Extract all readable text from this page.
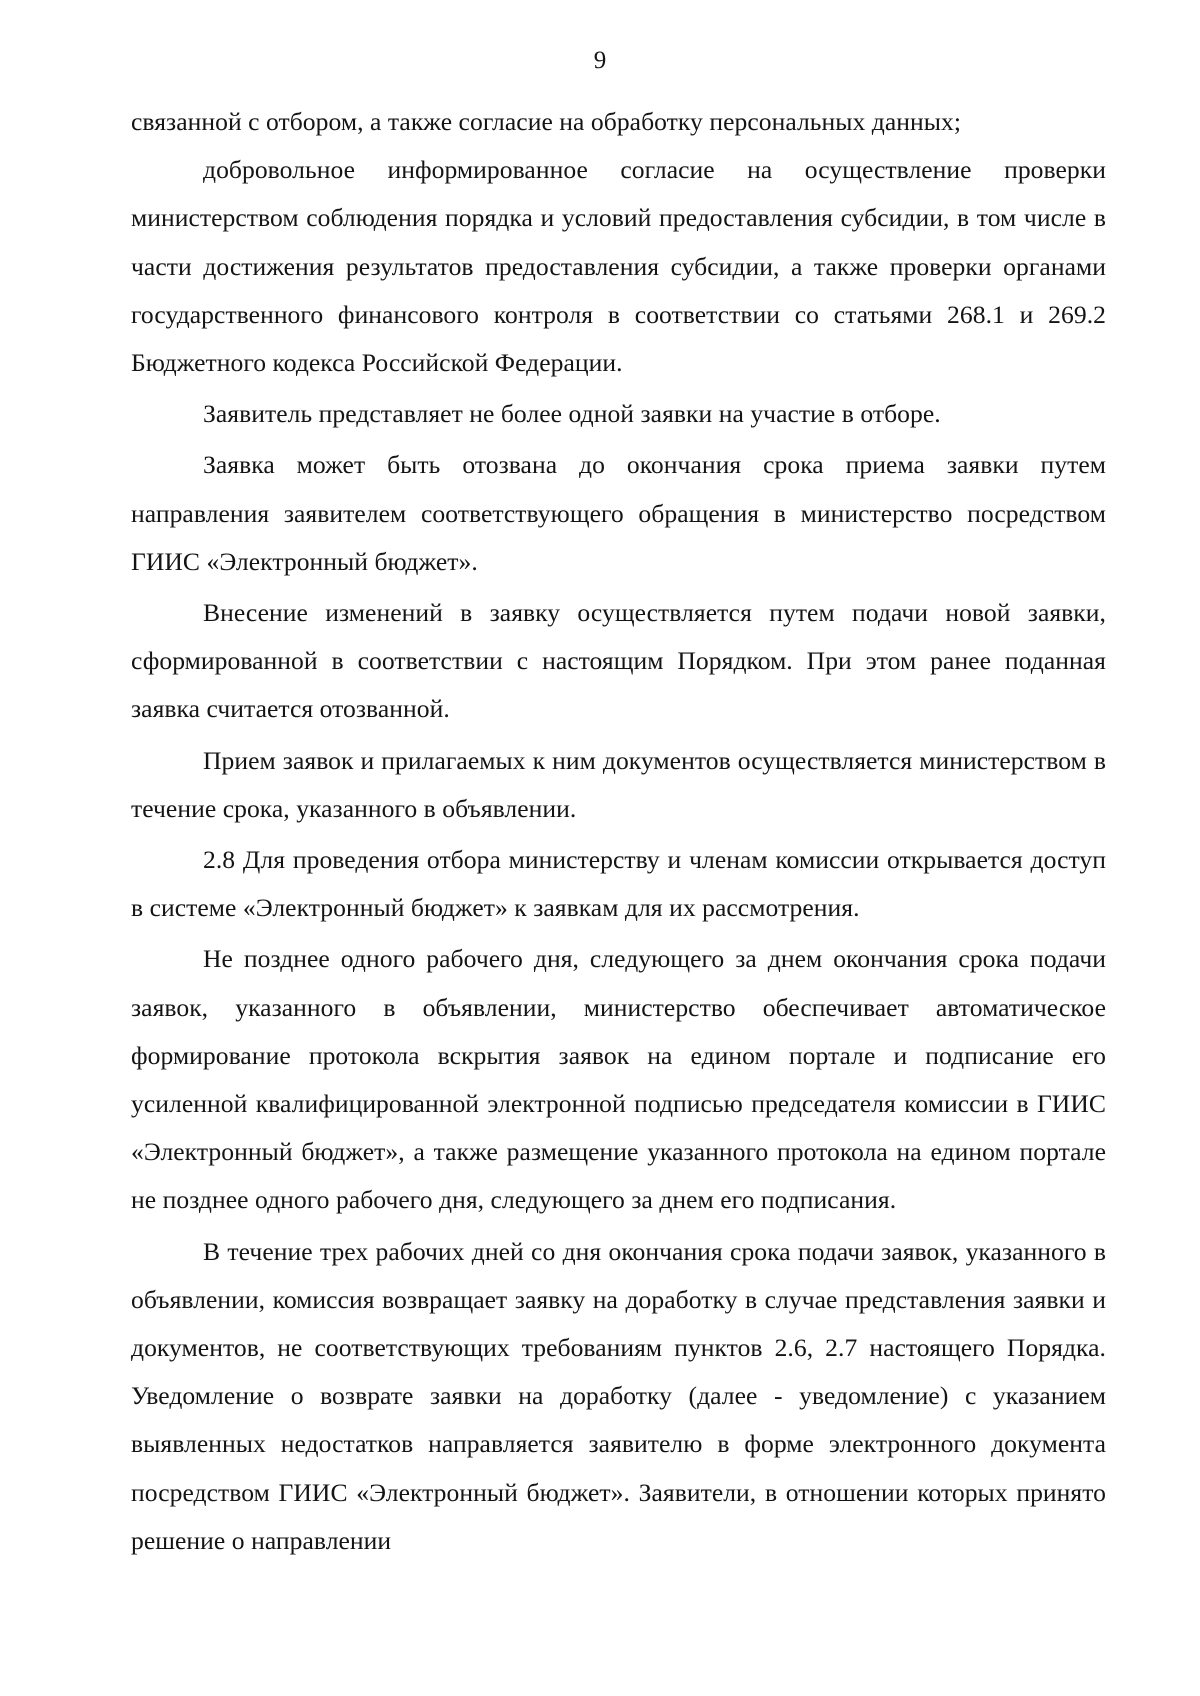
9

связанной с отбором, а также согласие на обработку персональных данных;

добровольное информированное согласие на осуществление проверки министерством соблюдения порядка и условий предоставления субсидии, в том числе в части достижения результатов предоставления субсидии, а также проверки органами государственного финансового контроля в соответствии со статьями 268.1 и 269.2 Бюджетного кодекса Российской Федерации.

Заявитель представляет не более одной заявки на участие в отборе.

Заявка может быть отозвана до окончания срока приема заявки путем направления заявителем соответствующего обращения в министерство посредством ГИИС «Электронный бюджет».

Внесение изменений в заявку осуществляется путем подачи новой заявки, сформированной в соответствии с настоящим Порядком. При этом ранее поданная заявка считается отозванной.

Прием заявок и прилагаемых к ним документов осуществляется министерством в течение срока, указанного в объявлении.

2.8 Для проведения отбора министерству и членам комиссии открывается доступ в системе «Электронный бюджет» к заявкам для их рассмотрения.

Не позднее одного рабочего дня, следующего за днем окончания срока подачи заявок, указанного в объявлении, министерство обеспечивает автоматическое формирование протокола вскрытия заявок на едином портале и подписание его усиленной квалифицированной электронной подписью председателя комиссии в ГИИС «Электронный бюджет», а также размещение указанного протокола на едином портале не позднее одного рабочего дня, следующего за днем его подписания.

В течение трех рабочих дней со дня окончания срока подачи заявок, указанного в объявлении, комиссия возвращает заявку на доработку в случае представления заявки и документов, не соответствующих требованиям пунктов 2.6, 2.7 настоящего Порядка. Уведомление о возврате заявки на доработку (далее - уведомление) с указанием выявленных недостатков направляется заявителю в форме электронного документа посредством ГИИС «Электронный бюджет». Заявители, в отношении которых принято решение о направлении
